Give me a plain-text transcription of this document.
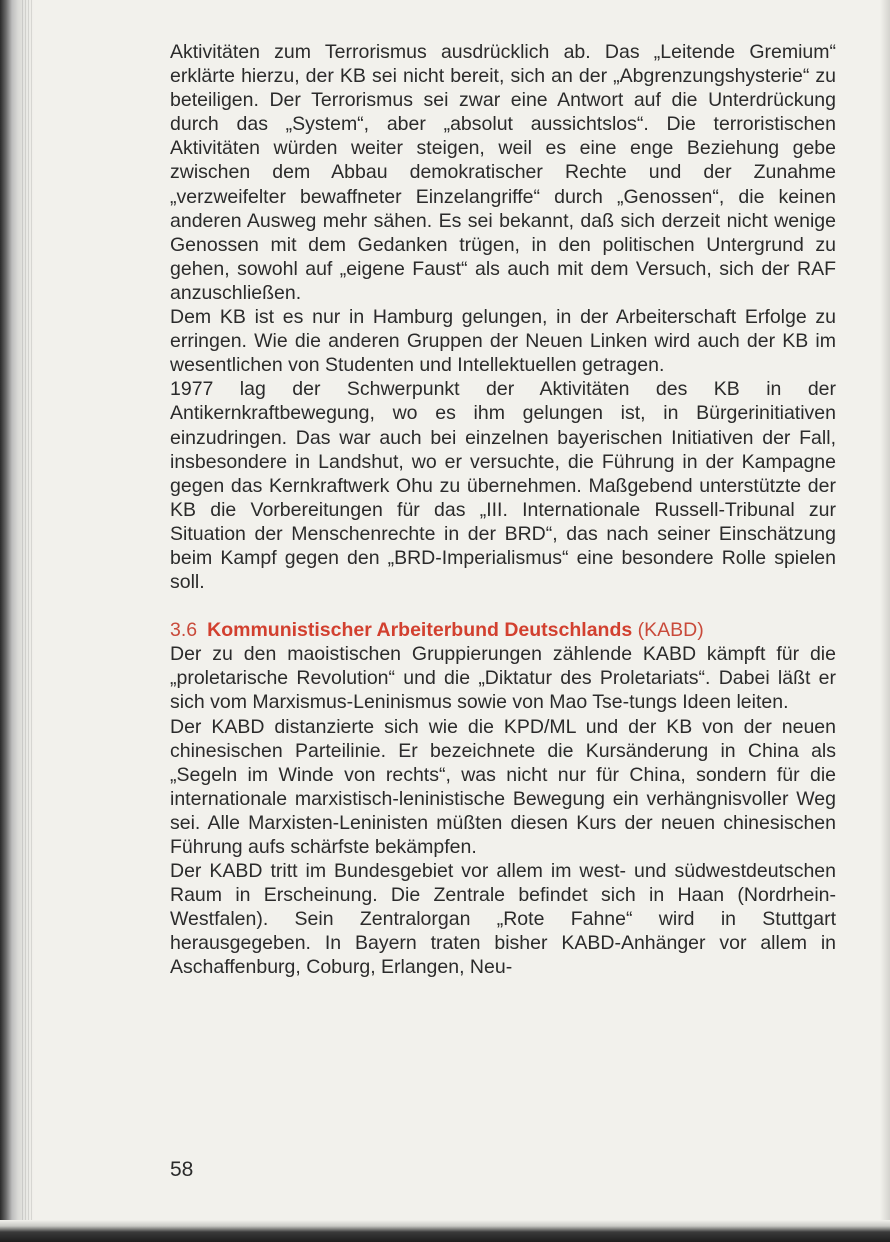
Aktivitäten zum Terrorismus ausdrücklich ab. Das „Leitende Gremium“ erklärte hierzu, der KB sei nicht bereit, sich an der „Abgrenzungshysterie“ zu beteiligen. Der Terrorismus sei zwar eine Antwort auf die Unterdrückung durch das „System“, aber „absolut aussichtslos“. Die terroristischen Aktivitäten würden weiter steigen, weil es eine enge Beziehung gebe zwischen dem Abbau demokratischer Rechte und der Zunahme „verzweifelter bewaffneter Einzelangriffe“ durch „Genossen“, die keinen anderen Ausweg mehr sähen. Es sei bekannt, daß sich derzeit nicht wenige Genossen mit dem Gedanken trügen, in den politischen Untergrund zu gehen, sowohl auf „eigene Faust“ als auch mit dem Versuch, sich der RAF anzuschließen.

Dem KB ist es nur in Hamburg gelungen, in der Arbeiterschaft Erfolge zu erringen. Wie die anderen Gruppen der Neuen Linken wird auch der KB im wesentlichen von Studenten und Intellektuellen getragen.

1977 lag der Schwerpunkt der Aktivitäten des KB in der Antikernkraftbewegung, wo es ihm gelungen ist, in Bürgerinitiativen einzudringen. Das war auch bei einzelnen bayerischen Initiativen der Fall, insbesondere in Landshut, wo er versuchte, die Führung in der Kampagne gegen das Kernkraftwerk Ohu zu übernehmen. Maßgebend unterstützte der KB die Vorbereitungen für das „III. Internationale Russell-Tribunal zur Situation der Menschenrechte in der BRD“, das nach seiner Einschätzung beim Kampf gegen den „BRD-Imperialismus“ eine besondere Rolle spielen soll.

3.6 Kommunistischer Arbeiterbund Deutschlands (KABD)

Der zu den maoistischen Gruppierungen zählende KABD kämpft für die „proletarische Revolution“ und die „Diktatur des Proletariats“. Dabei läßt er sich vom Marxismus-Leninismus sowie von Mao Tse-tungs Ideen leiten.

Der KABD distanzierte sich wie die KPD/ML und der KB von der neuen chinesischen Parteilinie. Er bezeichnete die Kursänderung in China als „Segeln im Winde von rechts“, was nicht nur für China, sondern für die internationale marxistisch-leninistische Bewegung ein verhängnisvoller Weg sei. Alle Marxisten-Leninisten müßten diesen Kurs der neuen chinesischen Führung aufs schärfste bekämpfen.

Der KABD tritt im Bundesgebiet vor allem im west- und südwestdeutschen Raum in Erscheinung. Die Zentrale befindet sich in Haan (Nordrhein-Westfalen). Sein Zentralorgan „Rote Fahne“ wird in Stuttgart herausgegeben. In Bayern traten bisher KABD-Anhänger vor allem in Aschaffenburg, Coburg, Erlangen, Neu-

58
